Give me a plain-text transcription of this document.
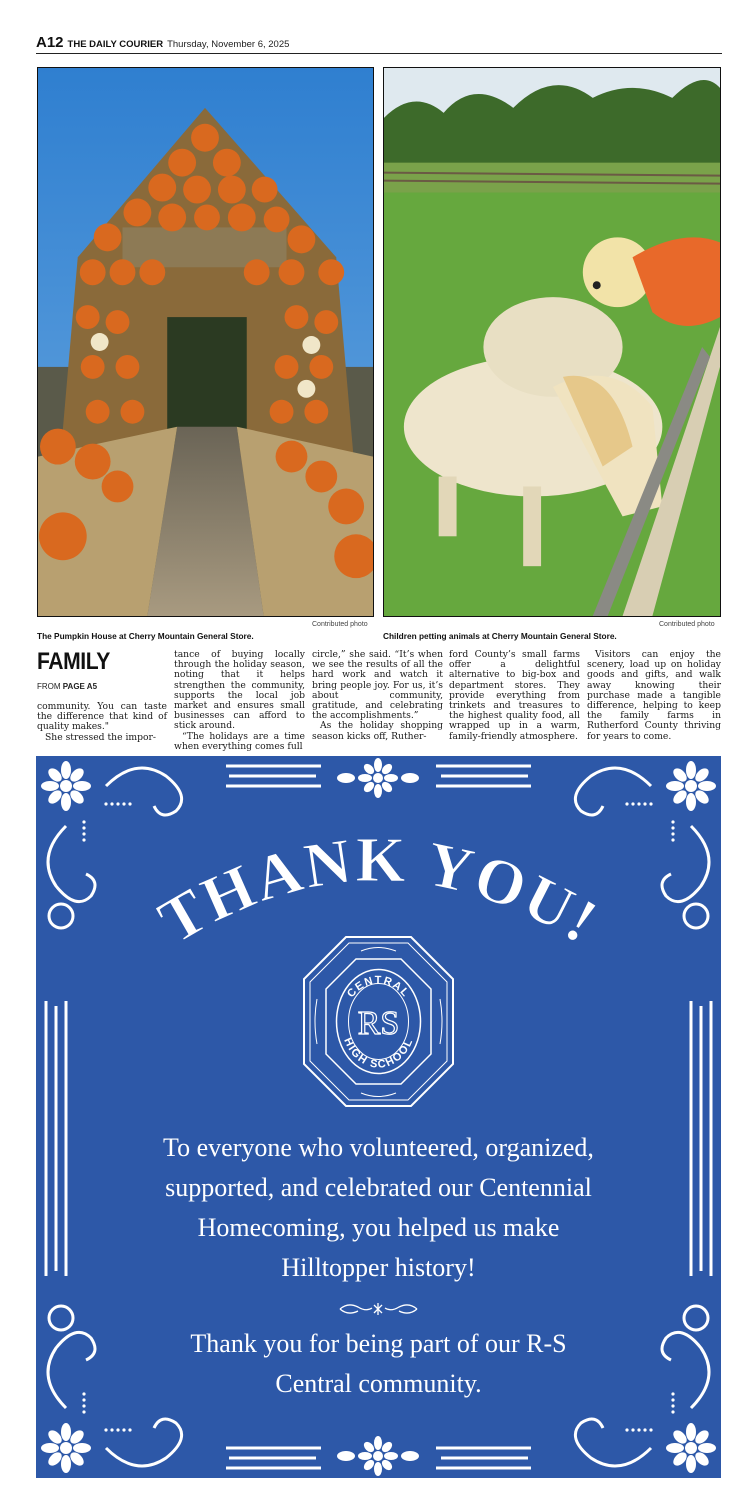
A12 THE DAILY COURIER Thursday, November 6, 2025
Contributed photo
The Pumpkin House at Cherry Mountain General Store.
Contributed photo
Children petting animals at Cherry Mountain General Store.
FAMILY
FROM PAGE A5

community. You can taste the difference that kind of quality makes."

She stressed the impor-

tance of buying locally through the holiday season, noting that it helps strengthen the community, supports the local job market and ensures small businesses can afford to stick around.

“The holidays are a time when everything comes full

circle,” she said. “It’s when we see the results of all the hard work and watch it bring people joy. For us, it’s about community, gratitude, and celebrating the accomplishments.”

As the holiday shopping season kicks off, Ruther-

ford County’s small farms offer a delightful alternative to big-box and department stores. They provide everything from trinkets and treasures to the highest quality food, all wrapped up in a warm, family-friendly atmosphere.

Visitors can enjoy the scenery, load up on holiday goods and gifts, and walk away knowing their purchase made a tangible difference, helping to keep the family farms in Rutherford County thriving for years to come.

THANK YOU!
CENTRAL
HIGH SCHOOL
RS
To everyone who volunteered, organized,
supported, and celebrated our Centennial
Homecoming, you helped us make
Hilltopper history!
Thank you for being part of our R-S
Central community.
